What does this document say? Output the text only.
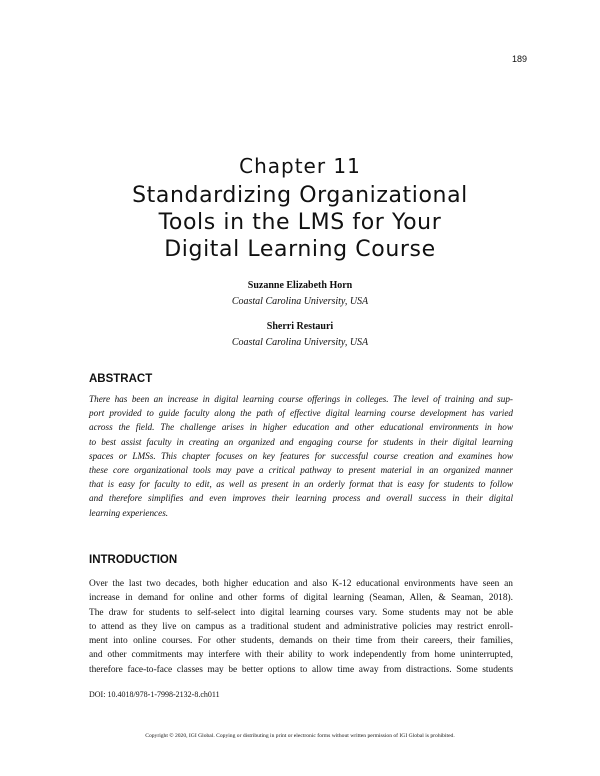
189
Chapter 11
Standardizing Organizational
Tools in the LMS for Your
Digital Learning Course
Suzanne Elizabeth Horn
Coastal Carolina University, USA
Sherri Restauri
Coastal Carolina University, USA
ABSTRACT

There has been an increase in digital learning course offerings in colleges. The level of training and sup-
port provided to guide faculty along the path of effective digital learning course development has varied
across the field. The challenge arises in higher education and other educational environments in how
to best assist faculty in creating an organized and engaging course for students in their digital learning
spaces or LMSs. This chapter focuses on key features for successful course creation and examines how
these core organizational tools may pave a critical pathway to present material in an organized manner
that is easy for faculty to edit, as well as present in an orderly format that is easy for students to follow
and therefore simplifies and even improves their learning process and overall success in their digital
learning experiences.

INTRODUCTION

Over the last two decades, both higher education and also K-12 educational environments have seen an
increase in demand for online and other forms of digital learning (Seaman, Allen, & Seaman, 2018).
The draw for students to self-select into digital learning courses vary. Some students may not be able
to attend as they live on campus as a traditional student and administrative policies may restrict enroll-
ment into online courses. For other students, demands on their time from their careers, their families,
and other commitments may interfere with their ability to work independently from home uninterrupted,
therefore face-to-face classes may be better options to allow time away from distractions. Some students

DOI: 10.4018/978-1-7998-2132-8.ch011
Copyright © 2020, IGI Global. Copying or distributing in print or electronic forms without written permission of IGI Global is prohibited.
